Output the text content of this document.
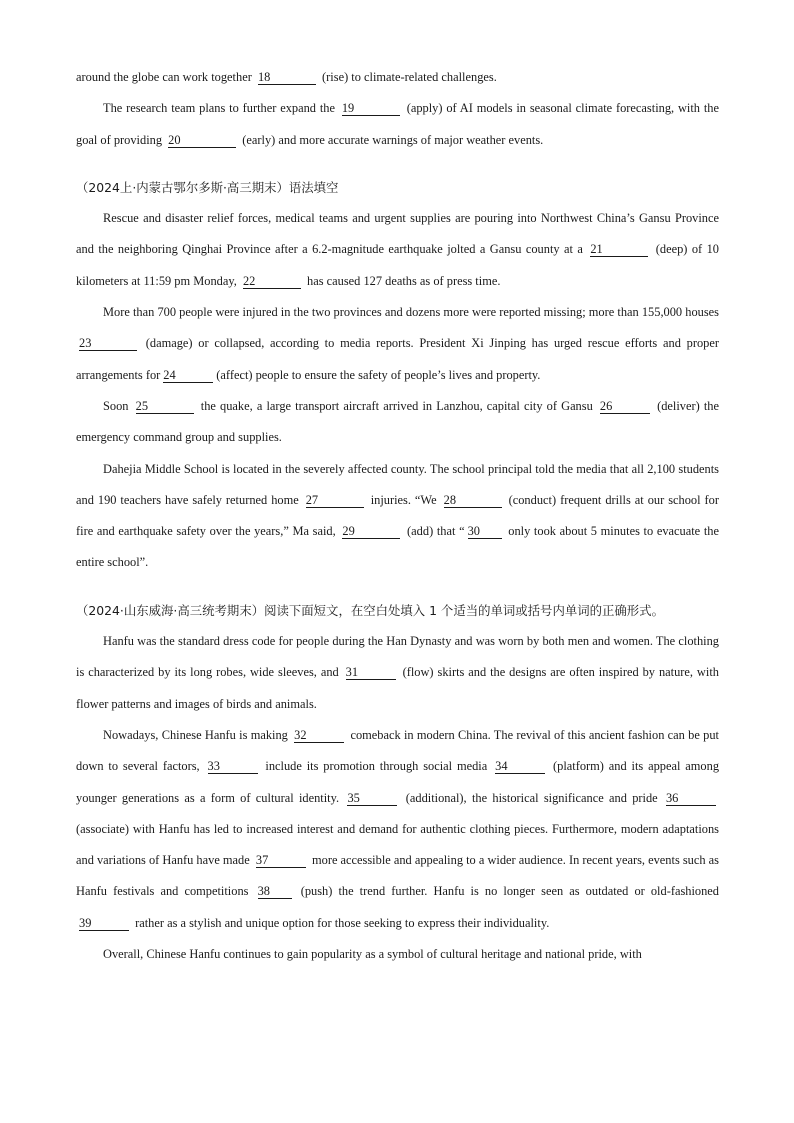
around the globe can work together 18	(rise) to climate-related challenges.

The research team plans to further expand the 19	(apply) of AI models in seasonal climate forecasting, with the goal of providing 20	(early) and more accurate warnings of major weather events.

（2024上·内蒙古鄂尔多斯·高三期末）语法填空

Rescue and disaster relief forces, medical teams and urgent supplies are pouring into Northwest China’s Gansu Province and the neighboring Qinghai Province after a 6.2-magnitude earthquake jolted a Gansu county at a 21	(deep) of 10 kilometers at 11:59 pm Monday, 22	has caused 127 deaths as of press time.

More than 700 people were injured in the two provinces and dozens more were reported missing; more than 155,000 houses 23	(damage) or collapsed, according to media reports. President Xi Jinping has urged rescue efforts and proper arrangements for 24	(affect) people to ensure the safety of people’s lives and property.

Soon 25	the quake, a large transport aircraft arrived in Lanzhou, capital city of Gansu 26	(deliver) the emergency command group and supplies.

Dahejia Middle School is located in the severely affected county. The school principal told the media that all 2,100 students and 190 teachers have safely returned home 27	injuries. “We 28	(conduct) frequent drills at our school for fire and earthquake safety over the years,” Ma said, 29	(add) that “ 30 only took about 5 minutes to evacuate the entire school”.

（2024·山东威海·高三统考期末）阅读下面短文，在空白处填入 1 个适当的单词或括号内单词的正确形式。

Hanfu was the standard dress code for people during the Han Dynasty and was worn by both men and women. The clothing is characterized by its long robes, wide sleeves, and 31	(flow) skirts and the designs are often inspired by nature, with flower patterns and images of birds and animals.

Nowadays, Chinese Hanfu is making 32	comeback in modern China. The revival of this ancient fashion can be put down to several factors, 33	include its promotion through social media 34	(platform) and its appeal among younger generations as a form of cultural identity. 35	(additional), the historical significance and pride 36 (associate) with Hanfu has led to increased interest and demand for authentic clothing pieces. Furthermore, modern adaptations and variations of Hanfu have made 37	more accessible and appealing to a wider audience. In recent years, events such as Hanfu festivals and competitions 38 (push) the trend further. Hanfu is no longer seen as outdated or old-fashioned 39	rather as a stylish and unique option for those seeking to express their individuality.

Overall, Chinese Hanfu continues to gain popularity as a symbol of cultural heritage and national pride, with
